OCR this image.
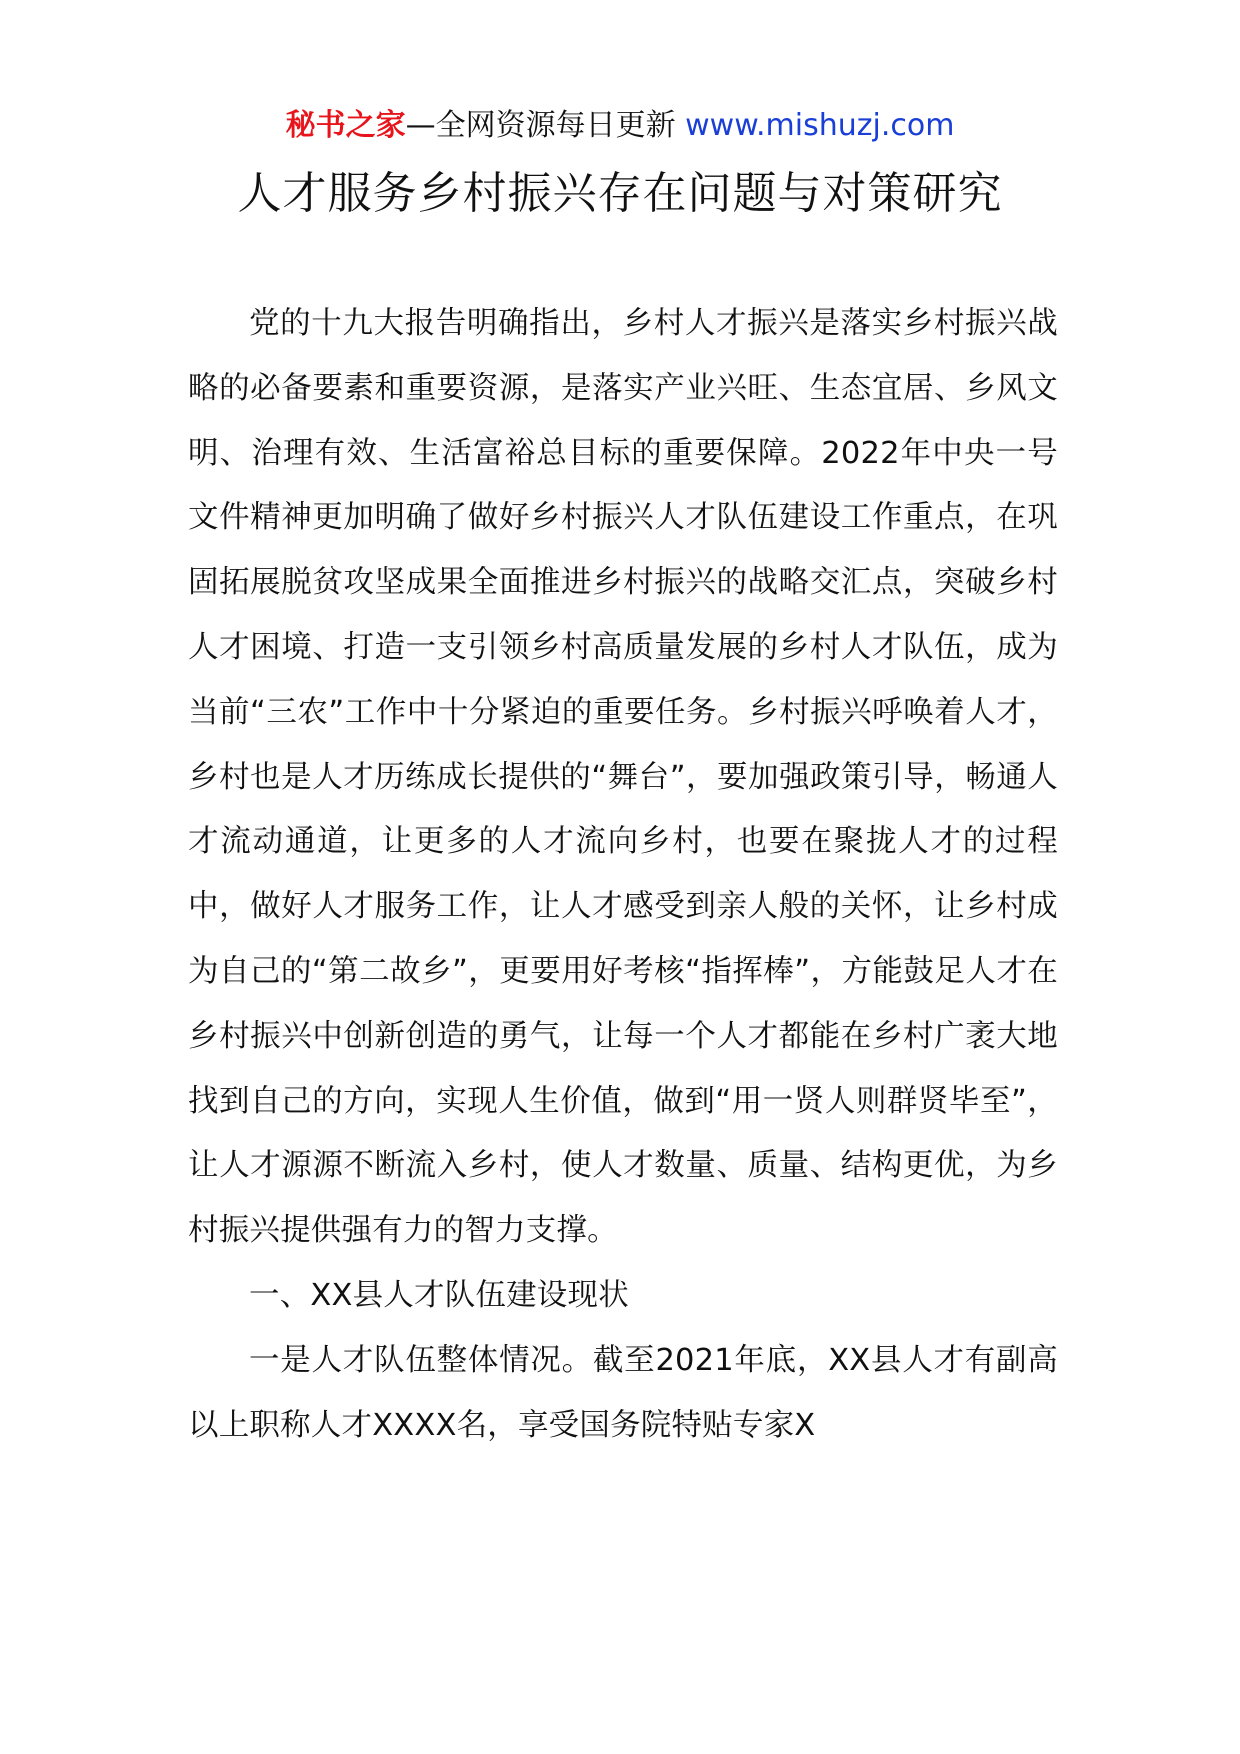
秘书之家—全网资源每日更新 www.mishuzj.com
人才服务乡村振兴存在问题与对策研究

党的十九大报告明确指出，乡村人才振兴是落实乡村振兴战略的必备要素和重要资源，是落实产业兴旺、生态宜居、乡风文明、治理有效、生活富裕总目标的重要保障。2022年中央一号文件精神更加明确了做好乡村振兴人才队伍建设工作重点，在巩固拓展脱贫攻坚成果全面推进乡村振兴的战略交汇点，突破乡村人才困境、打造一支引领乡村高质量发展的乡村人才队伍，成为当前“三农”工作中十分紧迫的重要任务。乡村振兴呼唤着人才，乡村也是人才历练成长提供的“舞台”，要加强政策引导，畅通人才流动通道，让更多的人才流向乡村，也要在聚拢人才的过程中，做好人才服务工作，让人才感受到亲人般的关怀，让乡村成为自己的“第二故乡”，更要用好考核“指挥棒”，方能鼓足人才在乡村振兴中创新创造的勇气，让每一个人才都能在乡村广袤大地找到自己的方向，实现人生价值，做到“用一贤人则群贤毕至”，让人才源源不断流入乡村，使人才数量、质量、结构更优，为乡村振兴提供强有力的智力支撑。

一、XX县人才队伍建设现状

一是人才队伍整体情况。截至2021年底，XX县人才有副高以上职称人才XXXX名，享受国务院特贴专家X
